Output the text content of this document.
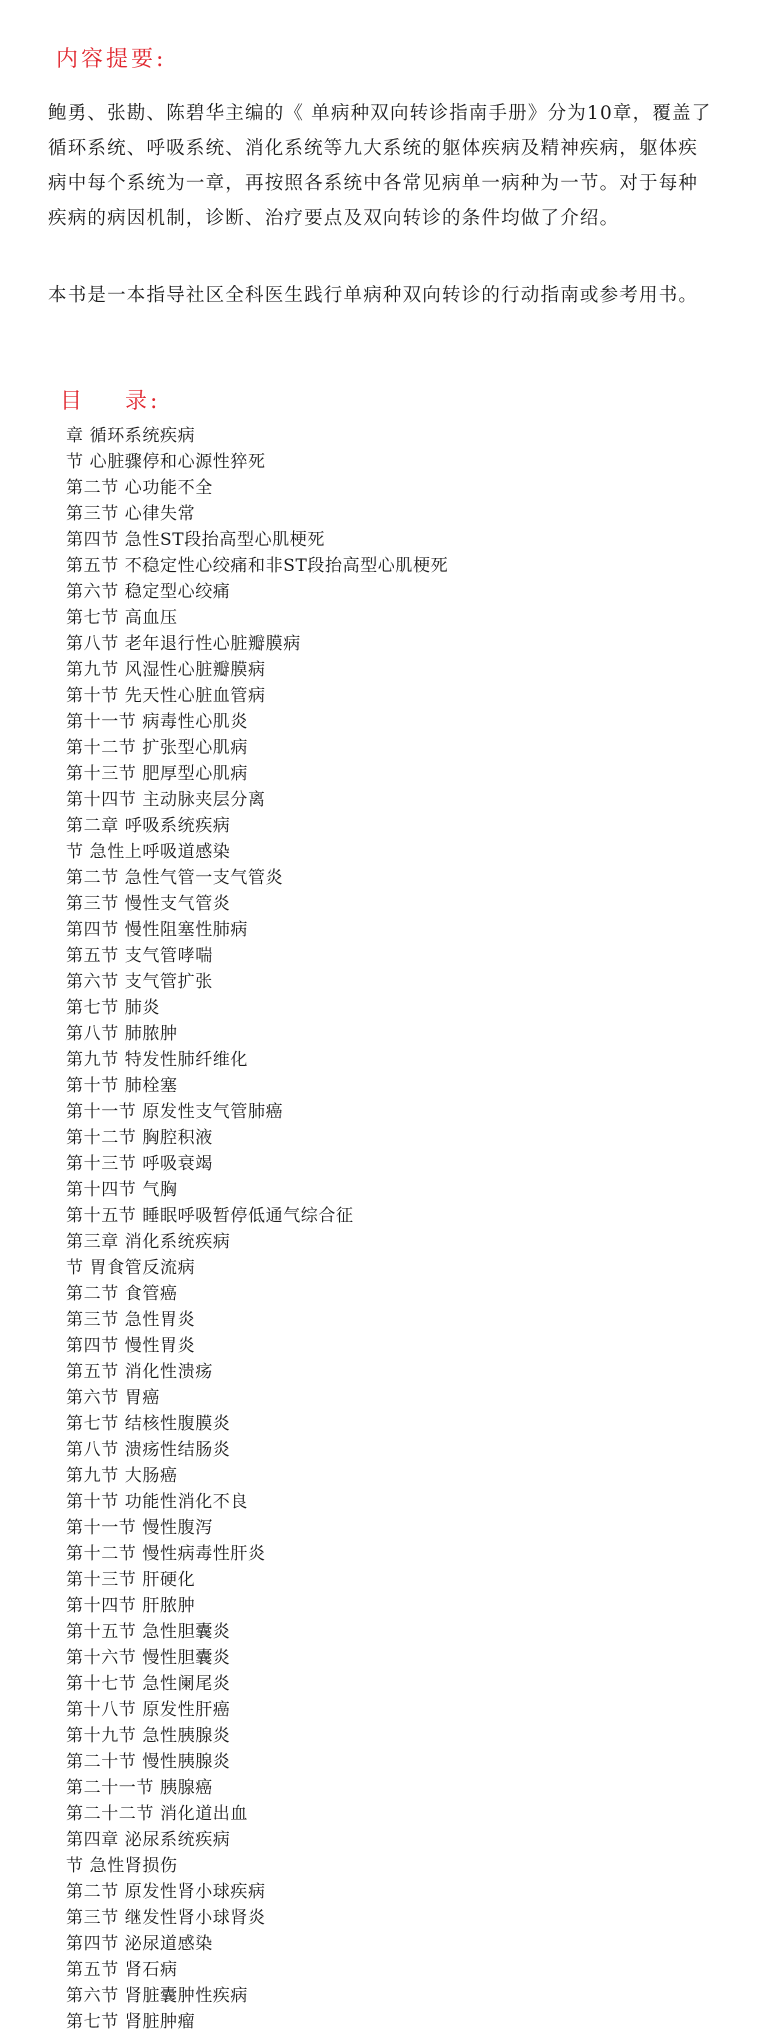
内容提要:

鲍勇、张勘、陈碧华主编的《 单病种双向转诊指南手册》分为10章，覆盖了循环系统、呼吸系统、消化系统等九大系统的躯体疾病及精神疾病，躯体疾病中每个系统为一章，再按照各系统中各常见病单一病种为一节。对于每种疾病的病因机制，诊断、治疗要点及双向转诊的条件均做了介绍。

本书是一本指导社区全科医生践行单病种双向转诊的行动指南或参考用书。

目 录:
章 循环系统疾病
节 心脏骤停和心源性猝死
第二节 心功能不全
第三节 心律失常
第四节 急性ST段抬高型心肌梗死
第五节 不稳定性心绞痛和非ST段抬高型心肌梗死
第六节 稳定型心绞痛
第七节 高血压
第八节 老年退行性心脏瓣膜病
第九节 风湿性心脏瓣膜病
第十节 先天性心脏血管病
第十一节 病毒性心肌炎
第十二节 扩张型心肌病
第十三节 肥厚型心肌病
第十四节 主动脉夹层分离
第二章 呼吸系统疾病
节 急性上呼吸道感染
第二节 急性气管一支气管炎
第三节 慢性支气管炎
第四节 慢性阻塞性肺病
第五节 支气管哮喘
第六节 支气管扩张
第七节 肺炎
第八节 肺脓肿
第九节 特发性肺纤维化
第十节 肺栓塞
第十一节 原发性支气管肺癌
第十二节 胸腔积液
第十三节 呼吸衰竭
第十四节 气胸
第十五节 睡眠呼吸暂停低通气综合征
第三章 消化系统疾病
节 胃食管反流病
第二节 食管癌
第三节 急性胃炎
第四节 慢性胃炎
第五节 消化性溃疡
第六节 胃癌
第七节 结核性腹膜炎
第八节 溃疡性结肠炎
第九节 大肠癌
第十节 功能性消化不良
第十一节 慢性腹泻
第十二节 慢性病毒性肝炎
第十三节 肝硬化
第十四节 肝脓肿
第十五节 急性胆囊炎
第十六节 慢性胆囊炎
第十七节 急性阑尾炎
第十八节 原发性肝癌
第十九节 急性胰腺炎
第二十节 慢性胰腺炎
第二十一节 胰腺癌
第二十二节 消化道出血
第四章 泌尿系统疾病
节 急性肾损伤
第二节 原发性肾小球疾病
第三节 继发性肾小球肾炎
第四节 泌尿道感染
第五节 肾石病
第六节 肾脏囊肿性疾病
第七节 肾脏肿瘤
